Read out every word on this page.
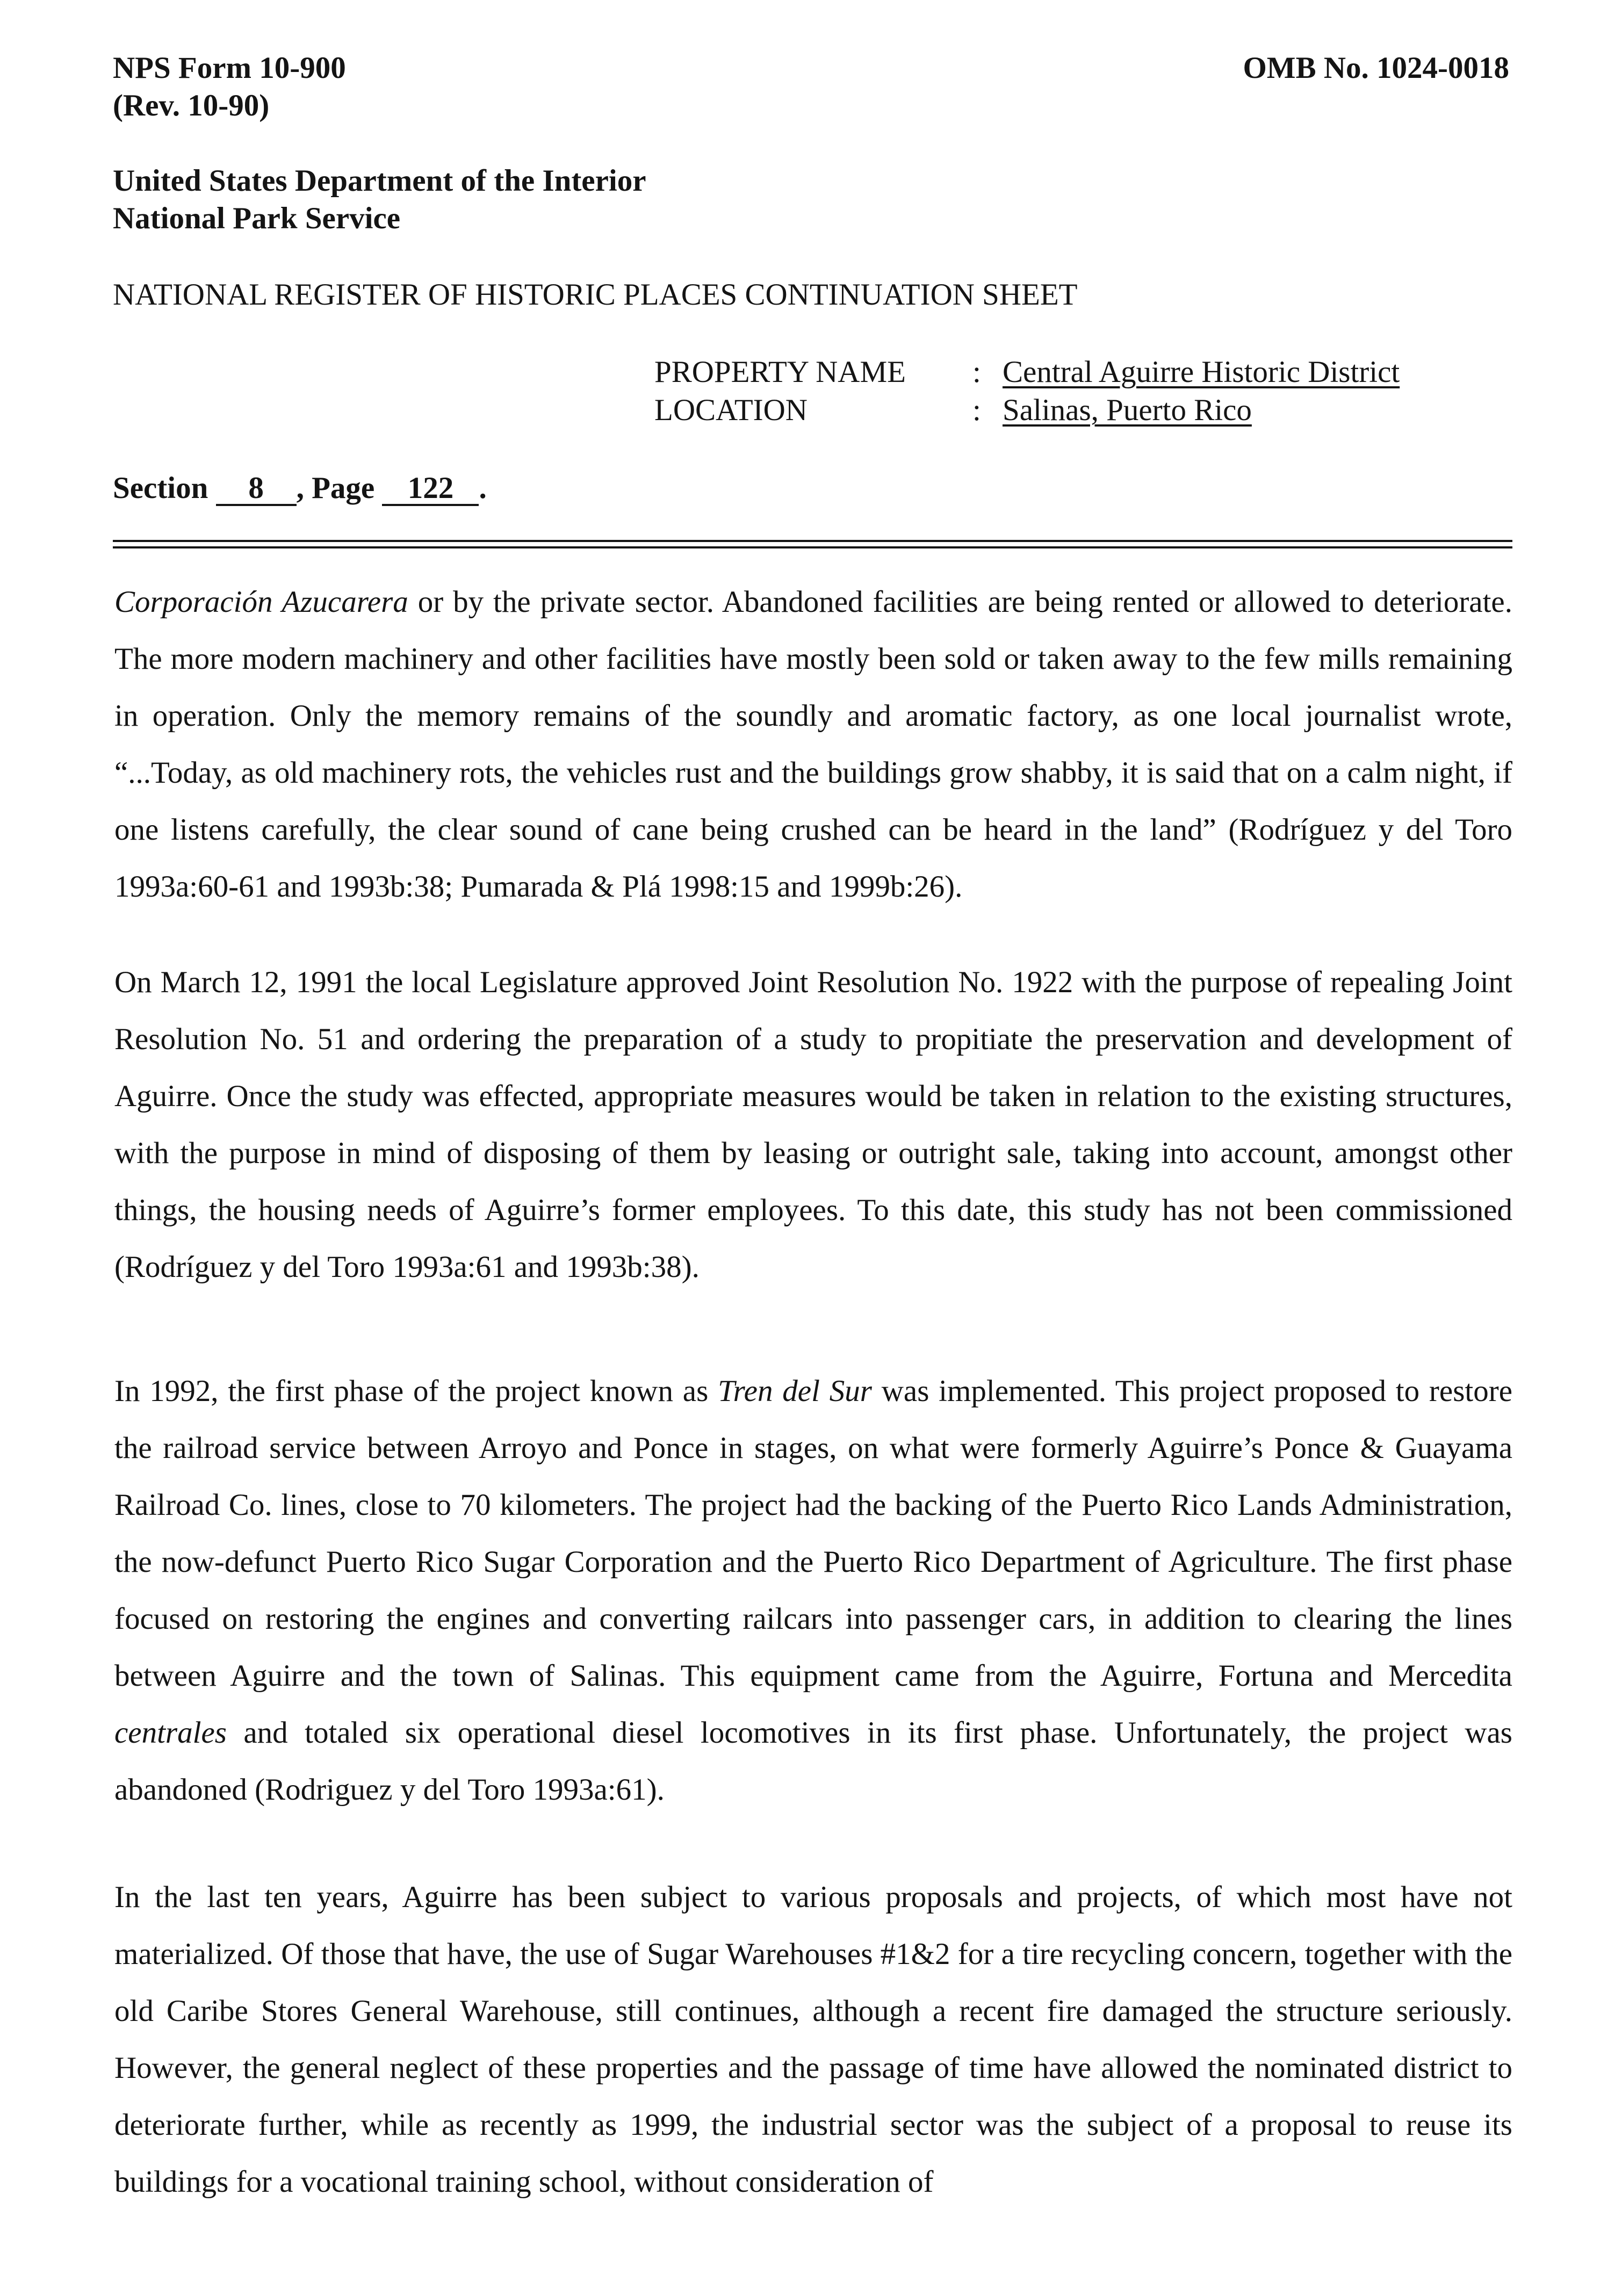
NPS Form 10-900
(Rev. 10-90)
OMB No. 1024-0018
United States Department of the Interior
National Park Service
NATIONAL REGISTER OF HISTORIC PLACES CONTINUATION SHEET
PROPERTY NAME : Central Aguirre Historic District
LOCATION	: Salinas, Puerto Rico
Section 8 , Page 122 .

Corporación Azucarera or by the private sector. Abandoned facilities are being rented or allowed to deteriorate. The more modern machinery and other facilities have mostly been sold or taken away to the few mills remaining in operation. Only the memory remains of the soundly and aromatic factory, as one local journalist wrote, “...Today, as old machinery rots, the vehicles rust and the buildings grow shabby, it is said that on a calm night, if one listens carefully, the clear sound of cane being crushed can be heard in the land” (Rodríguez y del Toro 1993a:60-61 and 1993b:38; Pumarada & Plá 1998:15 and 1999b:26).

On March 12, 1991 the local Legislature approved Joint Resolution No. 1922 with the purpose of repealing Joint Resolution No. 51 and ordering the preparation of a study to propitiate the preservation and development of Aguirre. Once the study was effected, appropriate measures would be taken in relation to the existing structures, with the purpose in mind of disposing of them by leasing or outright sale, taking into account, amongst other things, the housing needs of Aguirre’s former employees. To this date, this study has not been commissioned (Rodríguez y del Toro 1993a:61 and 1993b:38).

In 1992, the first phase of the project known as Tren del Sur was implemented. This project proposed to restore the railroad service between Arroyo and Ponce in stages, on what were formerly Aguirre’s Ponce & Guayama Railroad Co. lines, close to 70 kilometers. The project had the backing of the Puerto Rico Lands Administration, the now-defunct Puerto Rico Sugar Corporation and the Puerto Rico Department of Agriculture. The first phase focused on restoring the engines and converting railcars into passenger cars, in addition to clearing the lines between Aguirre and the town of Salinas. This equipment came from the Aguirre, Fortuna and Mercedita centrales and totaled six operational diesel locomotives in its first phase. Unfortunately, the project was abandoned (Rodriguez y del Toro 1993a:61).

In the last ten years, Aguirre has been subject to various proposals and projects, of which most have not materialized. Of those that have, the use of Sugar Warehouses #1&2 for a tire recycling concern, together with the old Caribe Stores General Warehouse, still continues, although a recent fire damaged the structure seriously. However, the general neglect of these properties and the passage of time have allowed the nominated district to deteriorate further, while as recently as 1999, the industrial sector was the subject of a proposal to reuse its buildings for a vocational training school, without consideration of
